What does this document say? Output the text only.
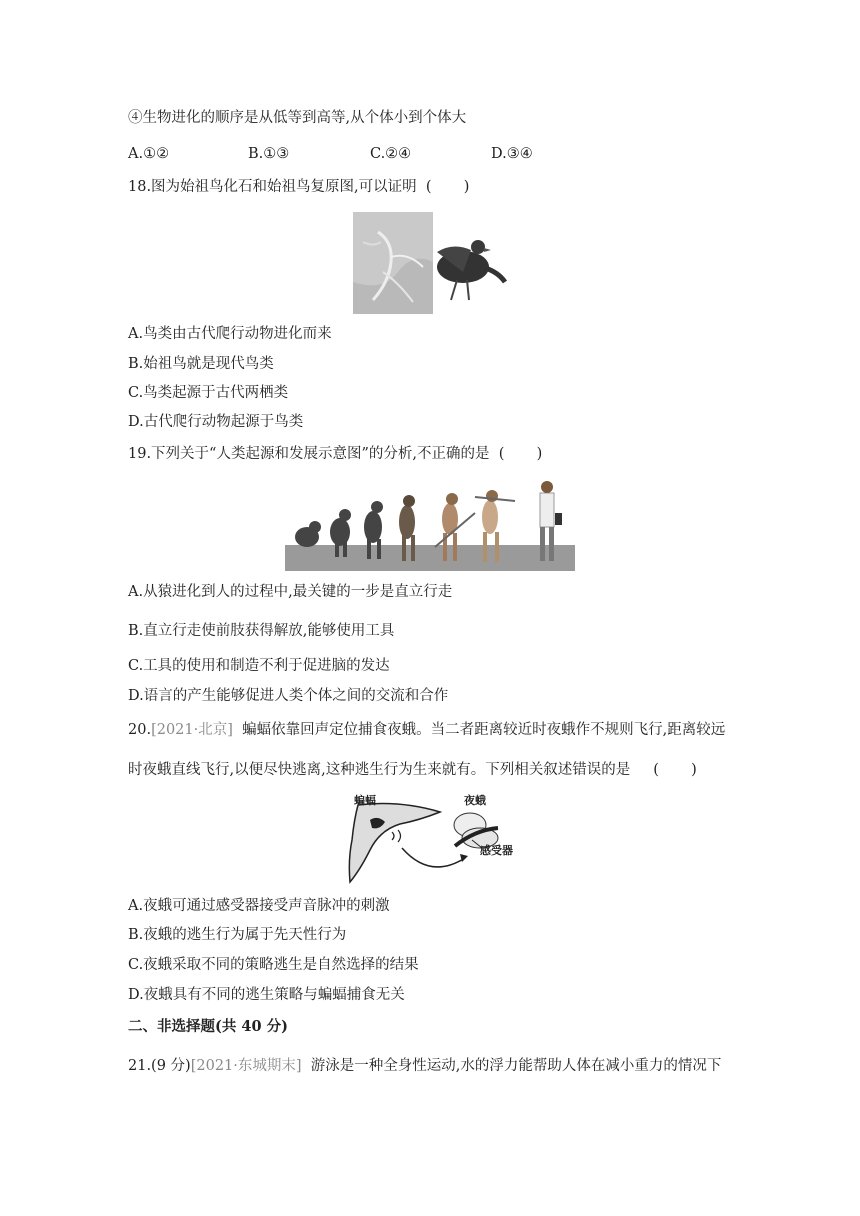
④生物进化的顺序是从低等到高等,从个体小到个体大
A.①②	B.①③	C.②④	D.③④
18.图为始祖鸟化石和始祖鸟复原图,可以证明  (       )
A.鸟类由古代爬行动物进化而来
B.始祖鸟就是现代鸟类
C.鸟类起源于古代两栖类
D.古代爬行动物起源于鸟类
19.下列关于“人类起源和发展示意图”的分析,不正确的是  (       )
A.从猿进化到人的过程中,最关键的一步是直立行走
B.直立行走使前肢获得解放,能够使用工具
C.工具的使用和制造不利于促进脑的发达
D.语言的产生能够促进人类个体之间的交流和合作
20.[2021·北京]  蝙蝠依靠回声定位捕食夜蛾。当二者距离较近时夜蛾作不规则飞行,距离较远
时夜蛾直线飞行,以便尽快逃离,这种逃生行为生来就有。下列相关叙述错误的是     (       )
蝙蝠	夜蛾
感受器
A.夜蛾可通过感受器接受声音脉冲的刺激
B.夜蛾的逃生行为属于先天性行为
C.夜蛾采取不同的策略逃生是自然选择的结果
D.夜蛾具有不同的逃生策略与蝙蝠捕食无关
二、非选择题(共 40 分)
21.(9 分)[2021·东城期末]  游泳是一种全身性运动,水的浮力能帮助人体在减小重力的情况下
